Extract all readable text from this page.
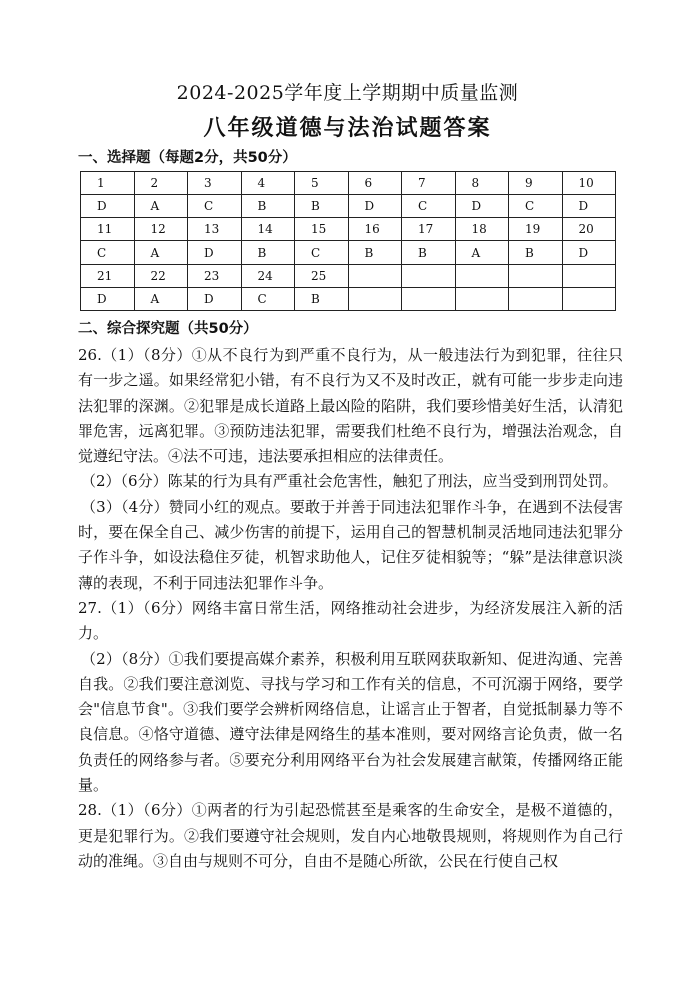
2024-2025学年度上学期期中质量监测
八年级道德与法治试题答案
一、选择题（每题2分，共50分）
1	2	3	4	5	6	7	8	9	10
D	A	C	B	B	D	C	D	C	D
11	12	13	14	15	16	17	18	19	20
C	A	D	B	C	B	B	A	B	D
21	22	23	24	25					
D	A	D	C	B					
二、综合探究题（共50分）

26.（1）（8分）①从不良行为到严重不良行为，从一般违法行为到犯罪，往往只有一步之遥。如果经常犯小错，有不良行为又不及时改正，就有可能一步步走向违法犯罪的深渊。②犯罪是成长道路上最凶险的陷阱，我们要珍惜美好生活，认清犯罪危害，远离犯罪。③预防违法犯罪，需要我们杜绝不良行为，增强法治观念，自觉遵纪守法。④法不可违，违法要承担相应的法律责任。

（2）（6分）陈某的行为具有严重社会危害性，触犯了刑法，应当受到刑罚处罚。

（3）（4分）赞同小红的观点。要敢于并善于同违法犯罪作斗争，在遇到不法侵害时，要在保全自己、减少伤害的前提下，运用自己的智慧机制灵活地同违法犯罪分子作斗争，如设法稳住歹徒，机智求助他人，记住歹徒相貌等；“躲”是法律意识淡薄的表现，不利于同违法犯罪作斗争。

27.（1）（6分）网络丰富日常生活，网络推动社会进步，为经济发展注入新的活力。

（2）（8分）①我们要提高媒介素养，积极利用互联网获取新知、促进沟通、完善自我。②我们要注意浏览、寻找与学习和工作有关的信息，不可沉溺于网络，要学会"信息节食"。③我们要学会辨析网络信息，让谣言止于智者，自觉抵制暴力等不良信息。④恪守道德、遵守法律是网络生的基本准则，要对网络言论负责，做一名负责任的网络参与者。⑤要充分利用网络平台为社会发展建言献策，传播网络正能量。

28.（1）（6分）①两者的行为引起恐慌甚至是乘客的生命安全，是极不道德的，更是犯罪行为。②我们要遵守社会规则，发自内心地敬畏规则，将规则作为自己行动的准绳。③自由与规则不可分，自由不是随心所欲，公民在行使自己权
